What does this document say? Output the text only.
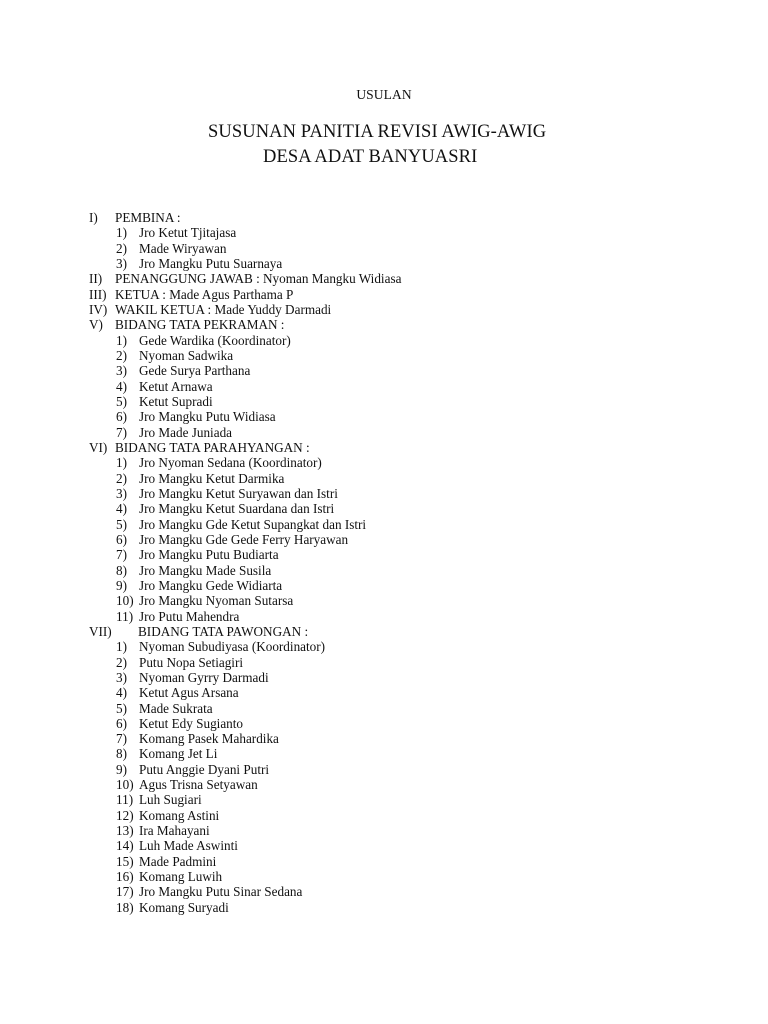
USULAN
SUSUNAN PANITIA REVISI AWIG-AWIG
DESA ADAT BANYUASRI
I) PEMBINA :
1) Jro Ketut Tjitajasa
2) Made Wiryawan
3) Jro Mangku Putu Suarnaya
II) PENANGGUNG JAWAB : Nyoman Mangku Widiasa
III) KETUA : Made Agus Parthama P
IV) WAKIL KETUA : Made Yuddy Darmadi
V) BIDANG TATA PEKRAMAN :
1) Gede Wardika (Koordinator)
2) Nyoman Sadwika
3) Gede Surya Parthana
4) Ketut Arnawa
5) Ketut Supradi
6) Jro Mangku Putu Widiasa
7) Jro Made Juniada
VI) BIDANG TATA PARAHYANGAN :
1) Jro Nyoman Sedana (Koordinator)
2) Jro Mangku Ketut Darmika
3) Jro Mangku Ketut Suryawan dan Istri
4) Jro Mangku Ketut Suardana dan Istri
5) Jro Mangku Gde Ketut Supangkat dan Istri
6) Jro Mangku Gde Gede Ferry Haryawan
7) Jro Mangku Putu Budiarta
8) Jro Mangku Made Susila
9) Jro Mangku Gede Widiarta
10) Jro Mangku Nyoman Sutarsa
11) Jro Putu Mahendra
VII) BIDANG TATA PAWONGAN :
1) Nyoman Subudiyasa (Koordinator)
2) Putu Nopa Setiagiri
3) Nyoman Gyrry Darmadi
4) Ketut Agus Arsana
5) Made Sukrata
6) Ketut Edy Sugianto
7) Komang Pasek Mahardika
8) Komang Jet Li
9) Putu Anggie Dyani Putri
10) Agus Trisna Setyawan
11) Luh Sugiari
12) Komang Astini
13) Ira Mahayani
14) Luh Made Aswinti
15) Made Padmini
16) Komang Luwih
17) Jro Mangku Putu Sinar Sedana
18) Komang Suryadi
